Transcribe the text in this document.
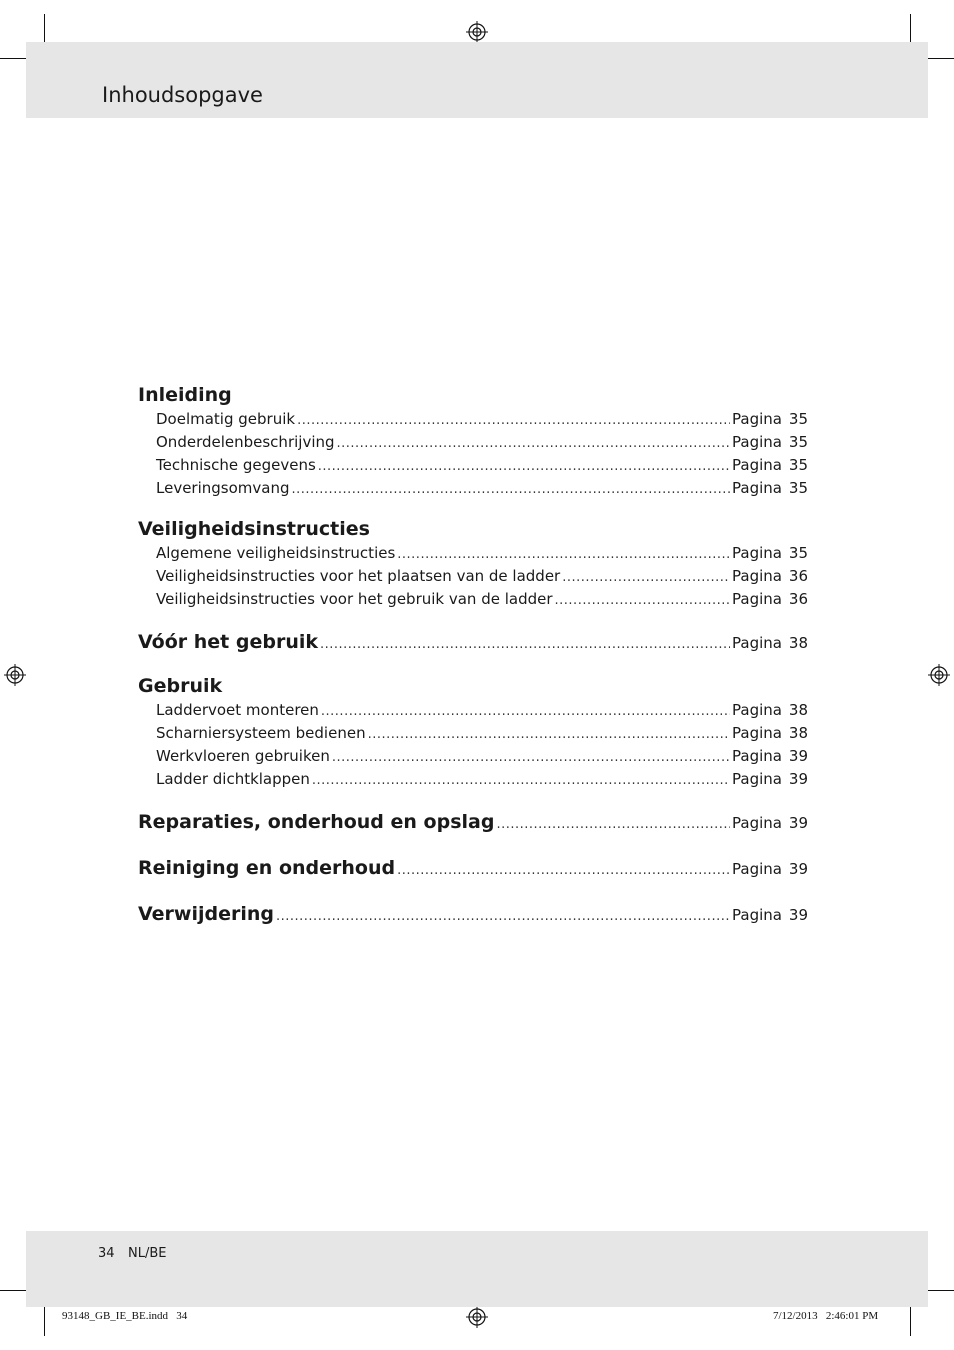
Inhoudsopgave
Inleiding
Doelmatig gebruik .....	Pagina 35
Onderdelenbeschrijving .....	Pagina 35
Technische gegevens .....	Pagina 35
Leveringsomvang .....	Pagina 35
Veiligheidsinstructies
Algemene veiligheidsinstructies .....	Pagina 35
Veiligheidsinstructies voor het plaatsen van de ladder .....	Pagina 36
Veiligheidsinstructies voor het gebruik van de ladder .....	Pagina 36
Vóór het gebruik .....	Pagina 38
Gebruik
Laddervoet monteren .....	Pagina 38
Scharniersysteem bedienen .....	Pagina 38
Werkvloeren gebruiken .....	Pagina 39
Ladder dichtklappen .....	Pagina 39
Reparaties, onderhoud en opslag .....	Pagina 39
Reiniging en onderhoud .....	Pagina 39
Verwijdering .....	Pagina 39
34 NL/BE
93148_GB_IE_BE.indd   34	7/12/2013   2:46:01 PM
